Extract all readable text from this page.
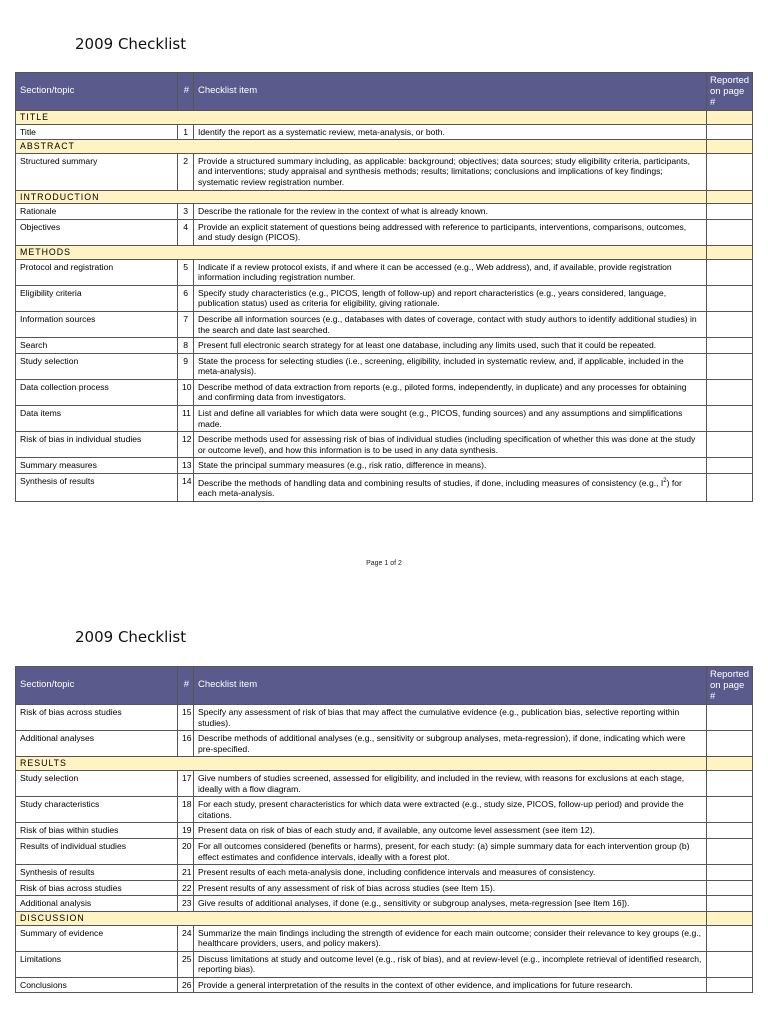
2009 Checklist
Section/topic	#	Checklist item	Reported on page #
TITLE			
Title	1	Identify the report as a systematic review, meta-analysis, or both.	
ABSTRACT			
Structured summary	2	Provide a structured summary including, as applicable: background; objectives; data sources; study eligibility criteria, participants, and interventions; study appraisal and synthesis methods; results; limitations; conclusions and implications of key findings; systematic review registration number.	
INTRODUCTION			
Rationale	3	Describe the rationale for the review in the context of what is already known.	
Objectives	4	Provide an explicit statement of questions being addressed with reference to participants, interventions, comparisons, outcomes, and study design (PICOS).	
METHODS			
Protocol and registration	5	Indicate if a review protocol exists, if and where it can be accessed (e.g., Web address), and, if available, provide registration information including registration number.	
Eligibility criteria	6	Specify study characteristics (e.g., PICOS, length of follow-up) and report characteristics (e.g., years considered, language, publication status) used as criteria for eligibility, giving rationale.	
Information sources	7	Describe all information sources (e.g., databases with dates of coverage, contact with study authors to identify additional studies) in the search and date last searched.	
Search	8	Present full electronic search strategy for at least one database, including any limits used, such that it could be repeated.	
Study selection	9	State the process for selecting studies (i.e., screening, eligibility, included in systematic review, and, if applicable, included in the meta-analysis).	
Data collection process	10	Describe method of data extraction from reports (e.g., piloted forms, independently, in duplicate) and any processes for obtaining and confirming data from investigators.	
Data items	11	List and define all variables for which data were sought (e.g., PICOS, funding sources) and any assumptions and simplifications made.	
Risk of bias in individual studies	12	Describe methods used for assessing risk of bias of individual studies (including specification of whether this was done at the study or outcome level), and how this information is to be used in any data synthesis.	
Summary measures	13	State the principal summary measures (e.g., risk ratio, difference in means).	
Synthesis of results	14	Describe the methods of handling data and combining results of studies, if done, including measures of consistency (e.g., $I^2$) for each meta-analysis.	
Page 1 of 2
2009 Checklist
Section/topic	#	Checklist item	Reported on page #
Risk of bias across studies	15	Specify any assessment of risk of bias that may affect the cumulative evidence (e.g., publication bias, selective reporting within studies).	
Additional analyses	16	Describe methods of additional analyses (e.g., sensitivity or subgroup analyses, meta-regression), if done, indicating which were pre-specified.	
RESULTS			
Study selection	17	Give numbers of studies screened, assessed for eligibility, and included in the review, with reasons for exclusions at each stage, ideally with a flow diagram.	
Study characteristics	18	For each study, present characteristics for which data were extracted (e.g., study size, PICOS, follow-up period) and provide the citations.	
Risk of bias within studies	19	Present data on risk of bias of each study and, if available, any outcome level assessment (see item 12).	
Results of individual studies	20	For all outcomes considered (benefits or harms), present, for each study: (a) simple summary data for each intervention group (b) effect estimates and confidence intervals, ideally with a forest plot.	
Synthesis of results	21	Present results of each meta-analysis done, including confidence intervals and measures of consistency.	
Risk of bias across studies	22	Present results of any assessment of risk of bias across studies (see Item 15).	
Additional analysis	23	Give results of additional analyses, if done (e.g., sensitivity or subgroup analyses, meta-regression [see Item 16]).	
DISCUSSION			
Summary of evidence	24	Summarize the main findings including the strength of evidence for each main outcome; consider their relevance to key groups (e.g., healthcare providers, users, and policy makers).	
Limitations	25	Discuss limitations at study and outcome level (e.g., risk of bias), and at review-level (e.g., incomplete retrieval of identified research, reporting bias).	
Conclusions	26	Provide a general interpretation of the results in the context of other evidence, and implications for future research.	
